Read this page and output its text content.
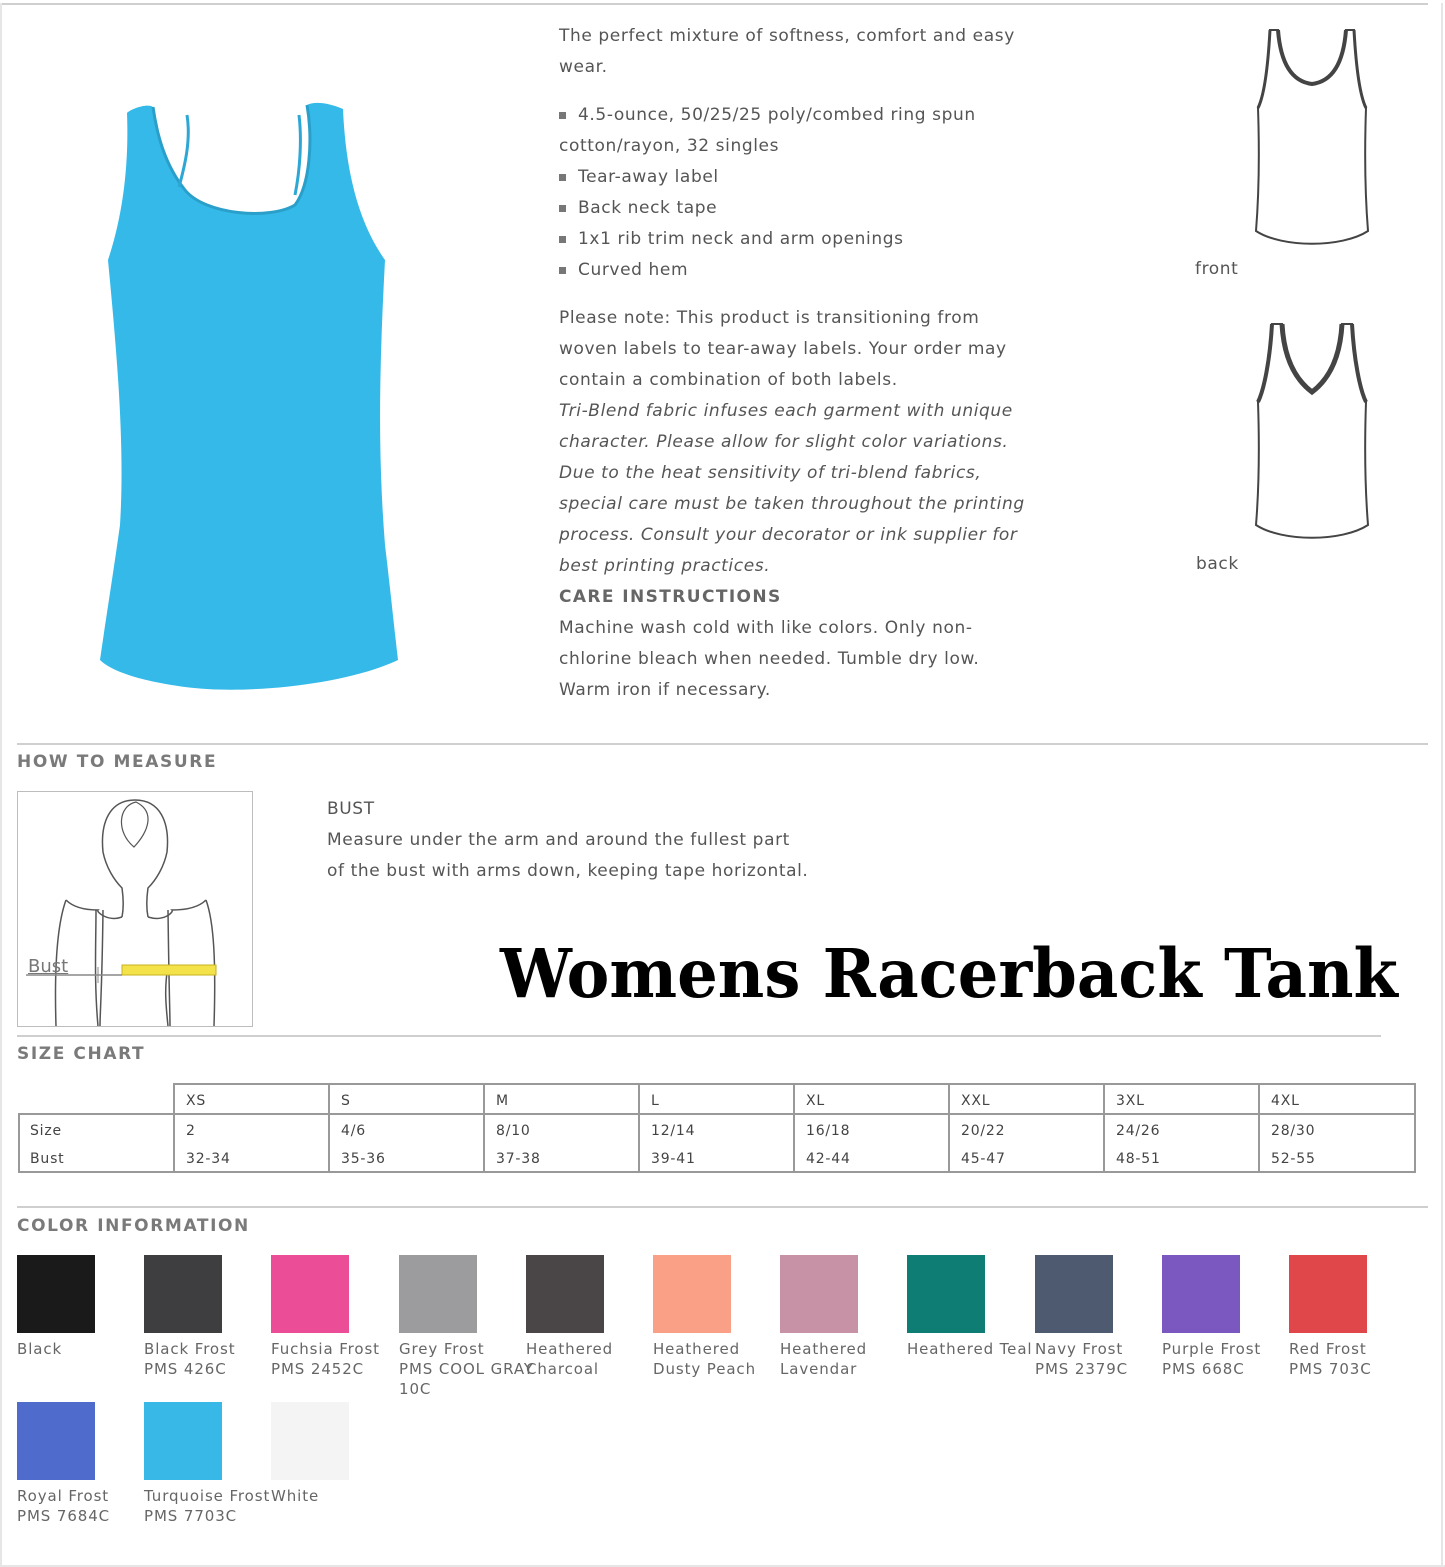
The perfect mixture of softness, comfort and easy

wear.

4.5-ounce, 50/25/25 poly/combed ring spun
cotton/rayon, 32 singles
Tear-away label
Back neck tape
1x1 rib trim neck and arm openings
Curved hem

Please note: This product is transitioning from

woven labels to tear-away labels. Your order may

contain a combination of both labels.

Tri-Blend fabric infuses each garment with unique

character. Please allow for slight color variations.

Due to the heat sensitivity of tri-blend fabrics,

special care must be taken throughout the printing

process. Consult your decorator or ink supplier for

best printing practices.

CARE INSTRUCTIONS

Machine wash cold with like colors. Only non-

chlorine bleach when needed. Tumble dry low.

Warm iron if necessary.

front
back
HOW TO MEASURE
Bust

BUST

Measure under the arm and around the fullest part

of the bust with arms down, keeping tape horizontal.

Womens Racerback Tank
SIZE CHART
	XS	S	M	L	XL	XXL	3XL	4XL
Size	2	4/6	8/10	12/14	16/18	20/22	24/26	28/30
Bust	32-34	35-36	37-38	39-41	42-44	45-47	48-51	52-55
COLOR INFORMATION
Black	Black Frost
PMS 426C
Fuchsia Frost
PMS 2452C
Grey Frost
PMS COOL GRAY
10C
Heathered
Charcoal
Heathered
Dusty Peach
Heathered
Lavendar
Heathered Teal Navy Frost
PMS 2379C
Purple Frost
PMS 668C
Red Frost
PMS 703C
Royal Frost
PMS 7684C
Turquoise Frost
PMS 7703C
White
